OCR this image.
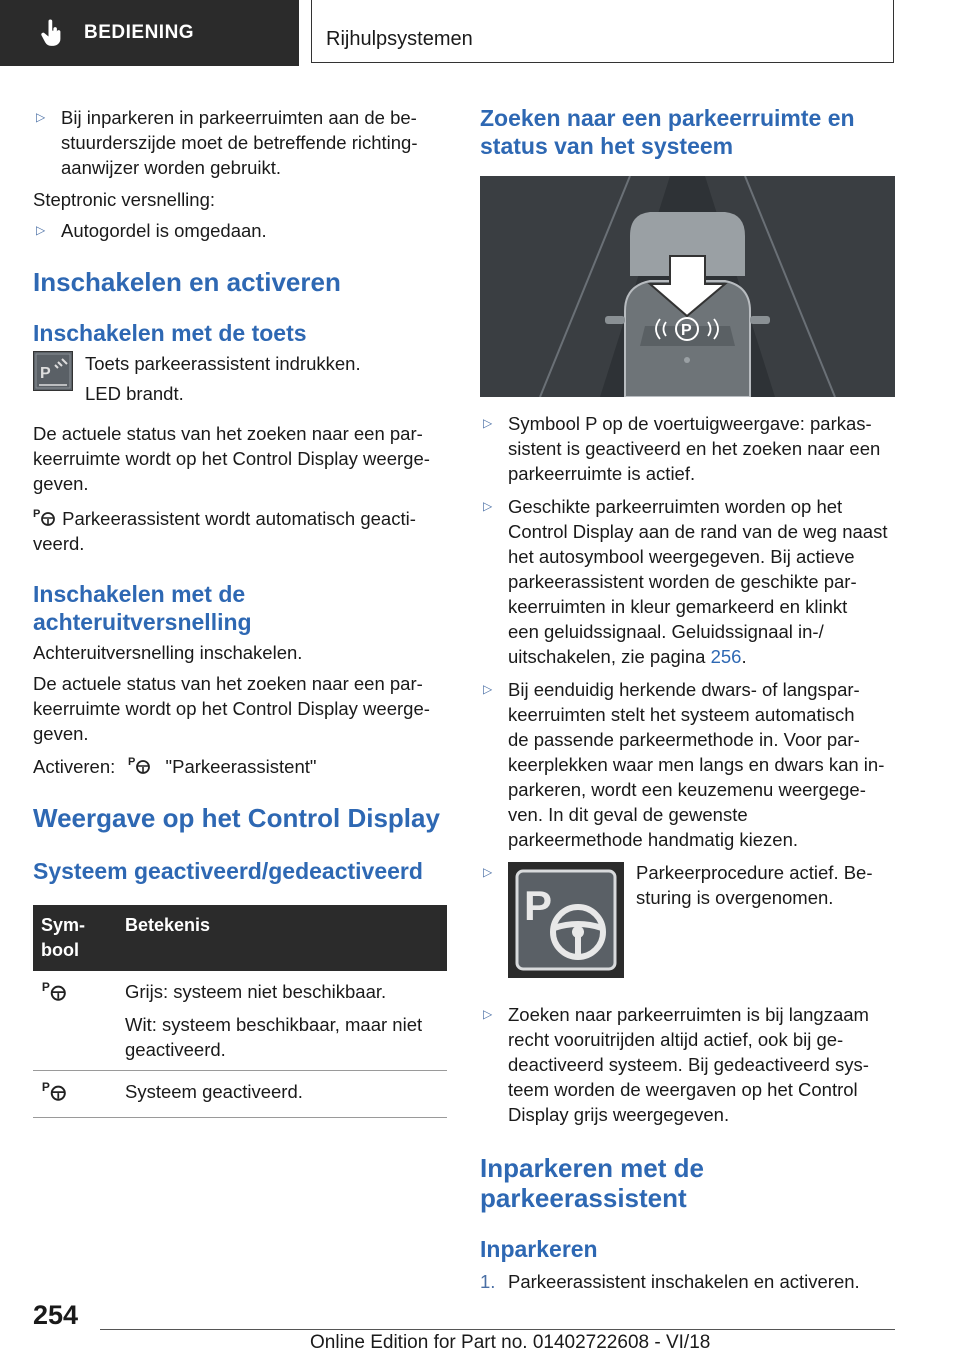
BEDIENING	Rijhulpsystemen
▷ Bij inparkeren in parkeerruimten aan de be-
stuurderszijde moet de betreffende richting-
aanwijzer worden gebruikt.

Steptronic versnelling:

▷ Autogordel is omgedaan.
Inschakelen en activeren
Inschakelen met de toets
P Toets parkeerassistent indrukken.

LED brandt.

De actuele status van het zoeken naar een par-
keerruimte wordt op het Control Display weerge-
geven.

P Parkeerassistent wordt automatisch geacti-
veerd.

Inschakelen met de
achteruitversnelling

Achteruitversnelling inschakelen.

De actuele status van het zoeken naar een par-
keerruimte wordt op het Control Display weerge-
geven.

Activeren: P "Parkeerassistent"

Weergave op het Control Display
Systeem geactiveerd/gedeactiveerd
Sym-
bool	Betekenis

P	Grijs: systeem niet beschikbaar.

Wit: systeem beschikbaar, maar niet
geactiveerd.

P	Systeem geactiveerd.
Zoeken naar een parkeerruimte en
status van het systeem
P
▷ Symbool P op de voertuigweergave: parkas-
sistent is geactiveerd en het zoeken naar een
parkeerruimte is actief.
▷ Geschikte parkeerruimten worden op het
Control Display aan de rand van de weg naast
het autosymbool weergegeven. Bij actieve
parkeerassistent worden de geschikte par-
keerruimten in kleur gemarkeerd en klinkt
een geluidssignaal. Geluidssignaal in-/
uitschakelen, zie pagina 256.
▷ Bij eenduidig herkende dwars- of langspar-
keerruimten stelt het systeem automatisch
de passende parkeermethode in. Voor par-
keerplekken waar men langs en dwars kan in-
parkeren, wordt een keuzemenu weergege-
ven. In dit geval de gewenste
parkeermethode handmatig kiezen.
▷
P
Parkeerprocedure actief. Be-
sturing is overgenomen.
▷ Zoeken naar parkeerruimten is bij langzaam
recht vooruitrijden altijd actief, ook bij ge-
deactiveerd systeem. Bij gedeactiveerd sys-
teem worden de weergaven op het Control
Display grijs weergegeven.
Inparkeren met de
parkeerassistent
Inparkeren
1. Parkeerassistent inschakelen en activeren.
254
Online Edition for Part no. 01402722608 - VI/18
